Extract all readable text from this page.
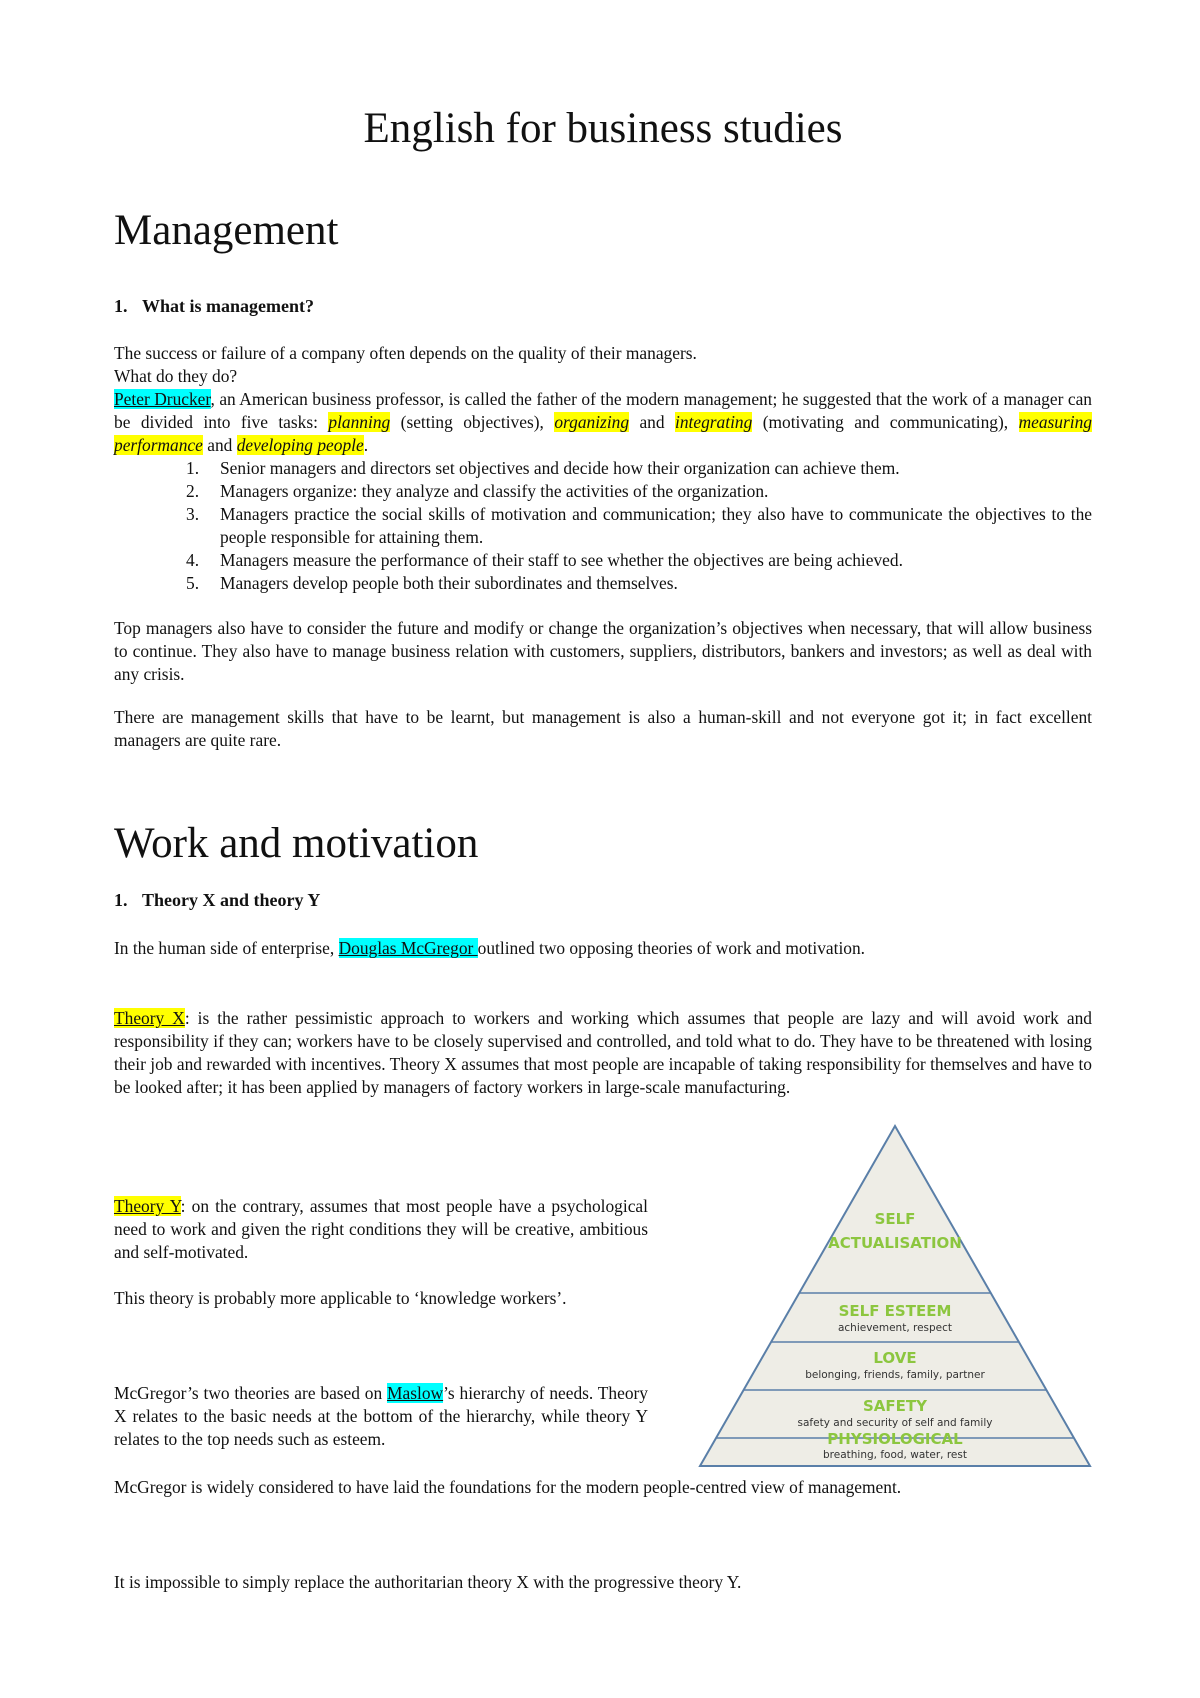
English for business studies
Management
1. What is management?

The success or failure of a company often depends on the quality of their managers.

What do they do?

Peter Drucker, an American business professor, is called the father of the modern management; he suggested that the work of a manager can be divided into five tasks: planning (setting objectives), organizing and integrating (motivating and communicating), measuring performance and developing people.

1. Senior managers and directors set objectives and decide how their organization can achieve them.
2. Managers organize: they analyze and classify the activities of the organization.
3. Managers practice the social skills of motivation and communication; they also have to communicate the objectives to the people responsible for attaining them.
4. Managers measure the performance of their staff to see whether the objectives are being achieved.
5. Managers develop people both their subordinates and themselves.

Top managers also have to consider the future and modify or change the organization’s objectives when necessary, that will allow business to continue. They also have to manage business relation with customers, suppliers, distributors, bankers and investors; as well as deal with any crisis.

There are management skills that have to be learnt, but management is also a human-skill and not everyone got it; in fact excellent managers are quite rare.

Work and motivation
1. Theory X and theory Y

In the human side of enterprise, Douglas McGregor outlined two opposing theories of work and motivation.

Theory X: is the rather pessimistic approach to workers and working which assumes that people are lazy and will avoid work and responsibility if they can; workers have to be closely supervised and controlled, and told what to do. They have to be threatened with losing their job and rewarded with incentives. Theory X assumes that most people are incapable of taking responsibility for themselves and have to be looked after; it has been applied by managers of factory workers in large-scale manufacturing.

Theory Y: on the contrary, assumes that most people have a psychological need to work and given the right conditions they will be creative, ambitious and self-motivated.

This theory is probably more applicable to ‘knowledge workers’.

McGregor’s two theories are based on Maslow’s hierarchy of needs. Theory X relates to the basic needs at the bottom of the hierarchy, while theory Y relates to the top needs such as esteem.

McGregor is widely considered to have laid the foundations for the modern people-centred view of management.

It is impossible to simply replace the authoritarian theory X with the progressive theory Y.

SELF
ACTUALISATION
SELF ESTEEM
achievement, respect
LOVE
belonging, friends, family, partner
SAFETY
safety and security of self and family
PHYSIOLOGICAL
breathing, food, water, rest
